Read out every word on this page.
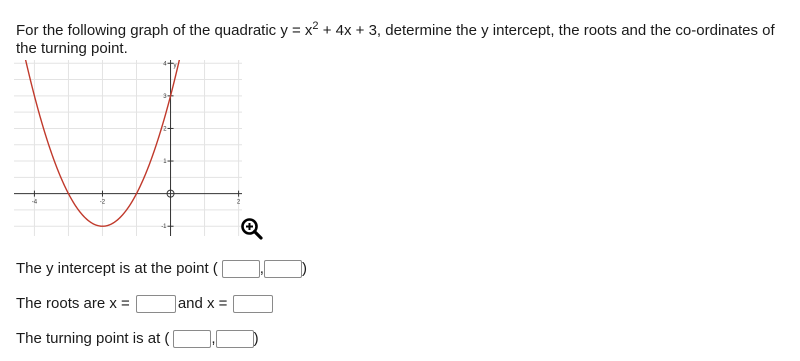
For the following graph of the quadratic $y = x^2 + 4x + 3$, determine the y intercept, the roots and the co-ordinates of the turning point.
-4	-2	2
-1
1
2
3
4 y
The y intercept is at the point (	,	)
The roots are x =	and x =
The turning point is at (	,	)
